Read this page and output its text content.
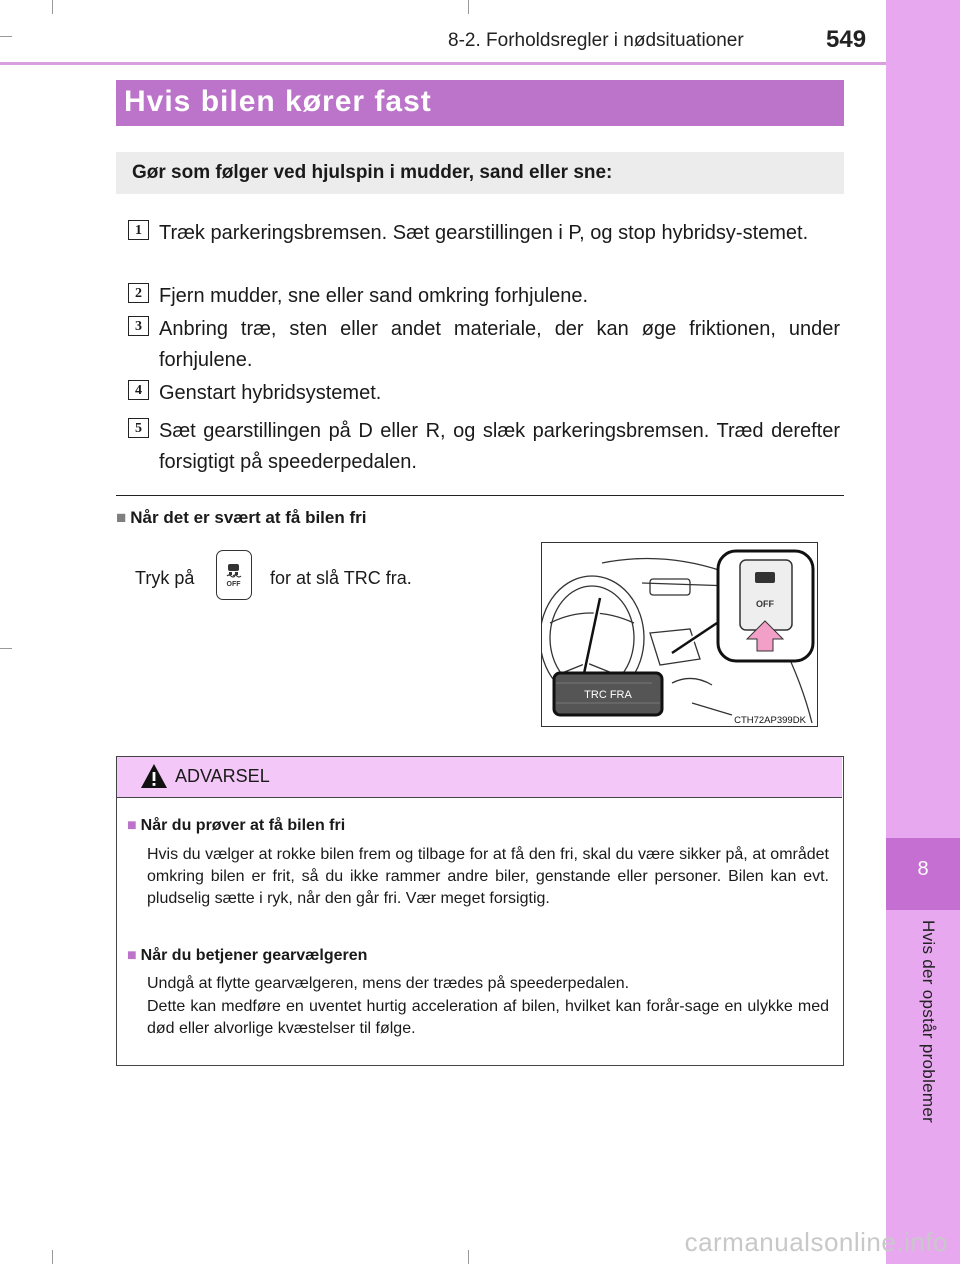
8-2. Forholdsregler i nødsituationer	549
8
Hvis der opstår problemer
Hvis bilen kører fast
Gør som følger ved hjulspin i mudder, sand eller sne:
1 Træk parkeringsbremsen. Sæt gearstillingen i P, og stop hybridsy-stemet.
2 Fjern mudder, sne eller sand omkring forhjulene.
3 Anbring træ, sten eller andet materiale, der kan øge friktionen, under forhjulene.
4 Genstart hybridsystemet.
5 Sæt gearstillingen på D eller R, og slæk parkeringsbremsen. Træd derefter forsigtigt på speederpedalen.
■ Når det er svært at få bilen fri
Tryk på	OFF for at slå TRC fra.
TRC FRA
OFF
CTH72AP399DK
ADVARSEL
■ Når du prøver at få bilen fri
Hvis du vælger at rokke bilen frem og tilbage for at få den fri, skal du være sikker på, at området omkring bilen er frit, så du ikke rammer andre biler, genstande eller personer. Bilen kan evt. pludselig sætte i ryk, når den går fri. Vær meget forsigtig.
■ Når du betjener gearvælgeren
Undgå at flytte gearvælgeren, mens der trædes på speederpedalen.
Dette kan medføre en uventet hurtig acceleration af bilen, hvilket kan forår-sage en ulykke med død eller alvorlige kvæstelser til følge.
carmanualsonline.info
